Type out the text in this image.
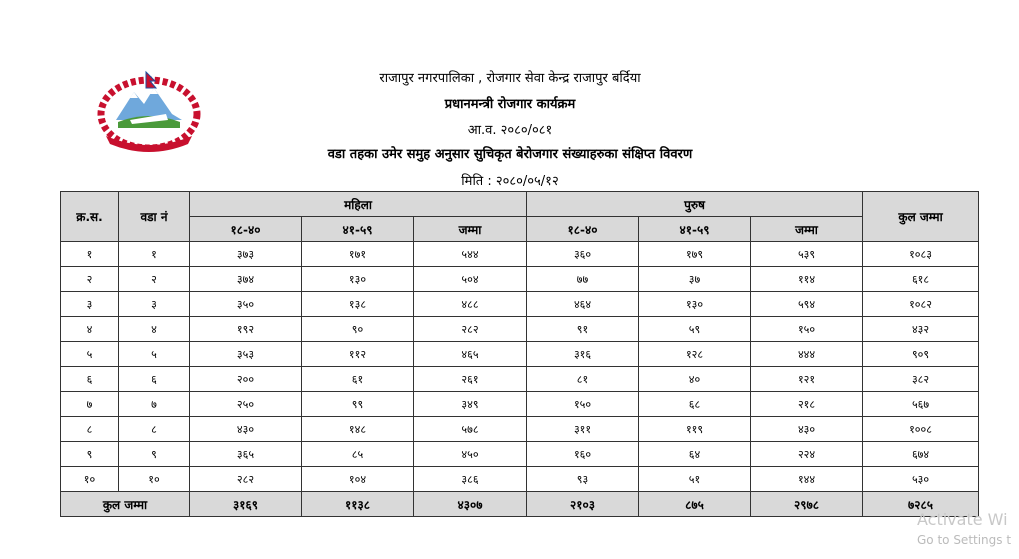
राजापुर नगरपालिका , रोजगार सेवा केन्द्र राजापुर बर्दिया
प्रधानमन्त्री रोजगार कार्यक्रम
आ.व. २०८०/०८१
वडा तहका उमेर समुह अनुसार सुचिकृत बेरोजगार संख्याहरुका संक्षिप्त विवरण
मिति : २०८०/०५/१२
क्र.स.	वडा नं	महिला			पुरुष			कुल जम्मा
		१८-४०	४१-५९	जम्मा	१८-४०	४१-५९	जम्मा	
१	१	३७३	१७१	५४४	३६०	१७९	५३९	१०८३
२	२	३७४	१३०	५०४	७७	३७	११४	६१८
३	३	३५०	१३८	४८८	४६४	१३०	५९४	१०८२
४	४	१९२	९०	२८२	९१	५९	१५०	४३२
५	५	३५३	११२	४६५	३१६	१२८	४४४	९०९
६	६	२००	६१	२६१	८१	४०	१२१	३८२
७	७	२५०	९९	३४९	१५०	६८	२१८	५६७
८	८	४३०	१४८	५७८	३११	११९	४३०	१००८
९	९	३६५	८५	४५०	१६०	६४	२२४	६७४
१०	१०	२८२	१०४	३८६	९३	५१	१४४	५३०
कुल जम्मा		३१६९	११३८	४३०७	२१०३	८७५	२९७८	७२८५
Activate Wi
Go to Settings t
